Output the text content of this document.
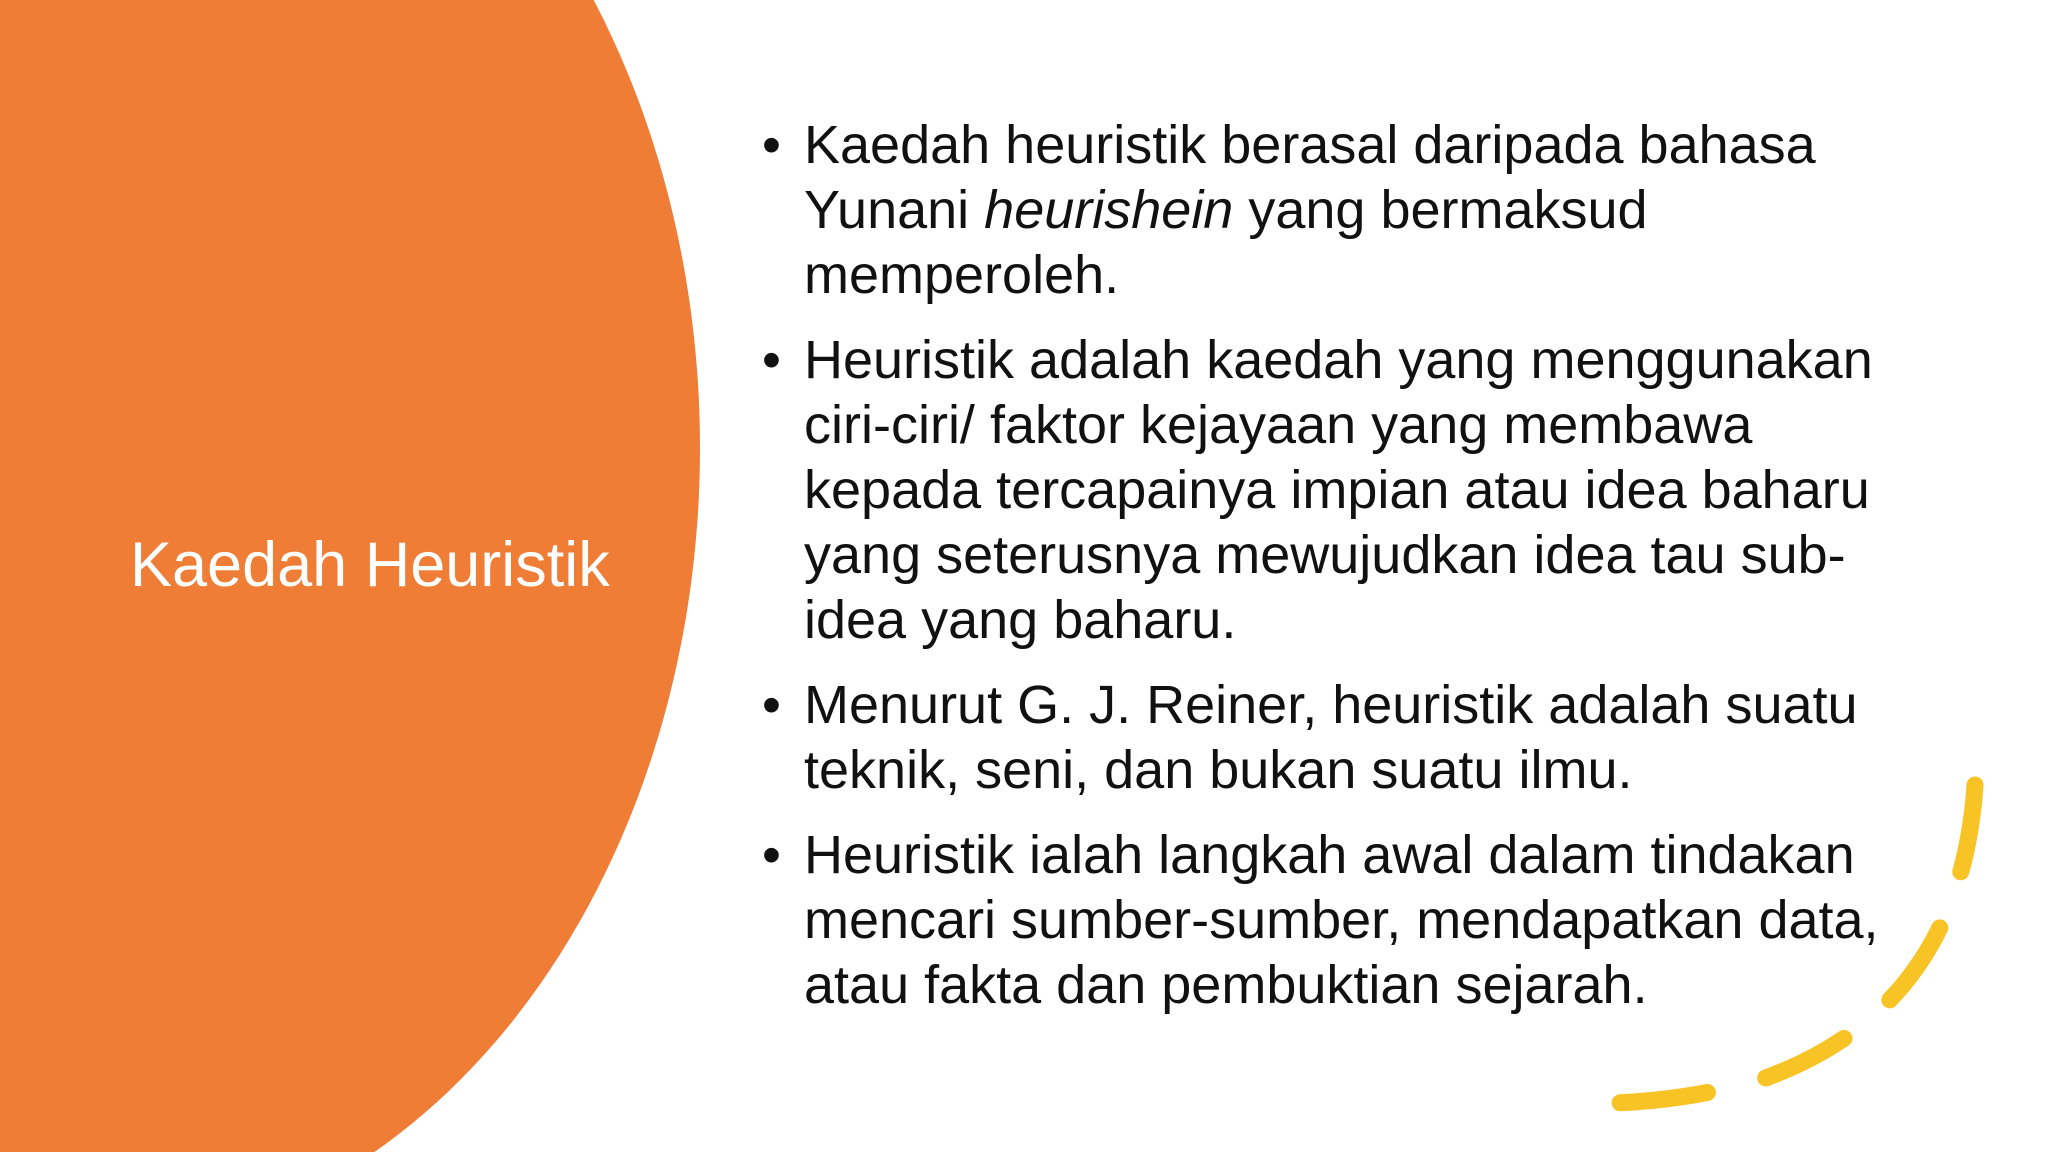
Kaedah Heuristik
• Kaedah heuristik berasal daripada bahasa Yunani heurishein yang bermaksud memperoleh.
• Heuristik adalah kaedah yang menggunakan ciri-ciri/ faktor kejayaan yang membawa kepada tercapainya impian atau idea baharu yang seterusnya mewujudkan idea tau sub-idea yang baharu.
• Menurut G. J. Reiner, heuristik adalah suatu teknik, seni, dan bukan suatu ilmu.
• Heuristik ialah langkah awal dalam tindakan mencari sumber-sumber, mendapatkan data, atau fakta dan pembuktian sejarah.
